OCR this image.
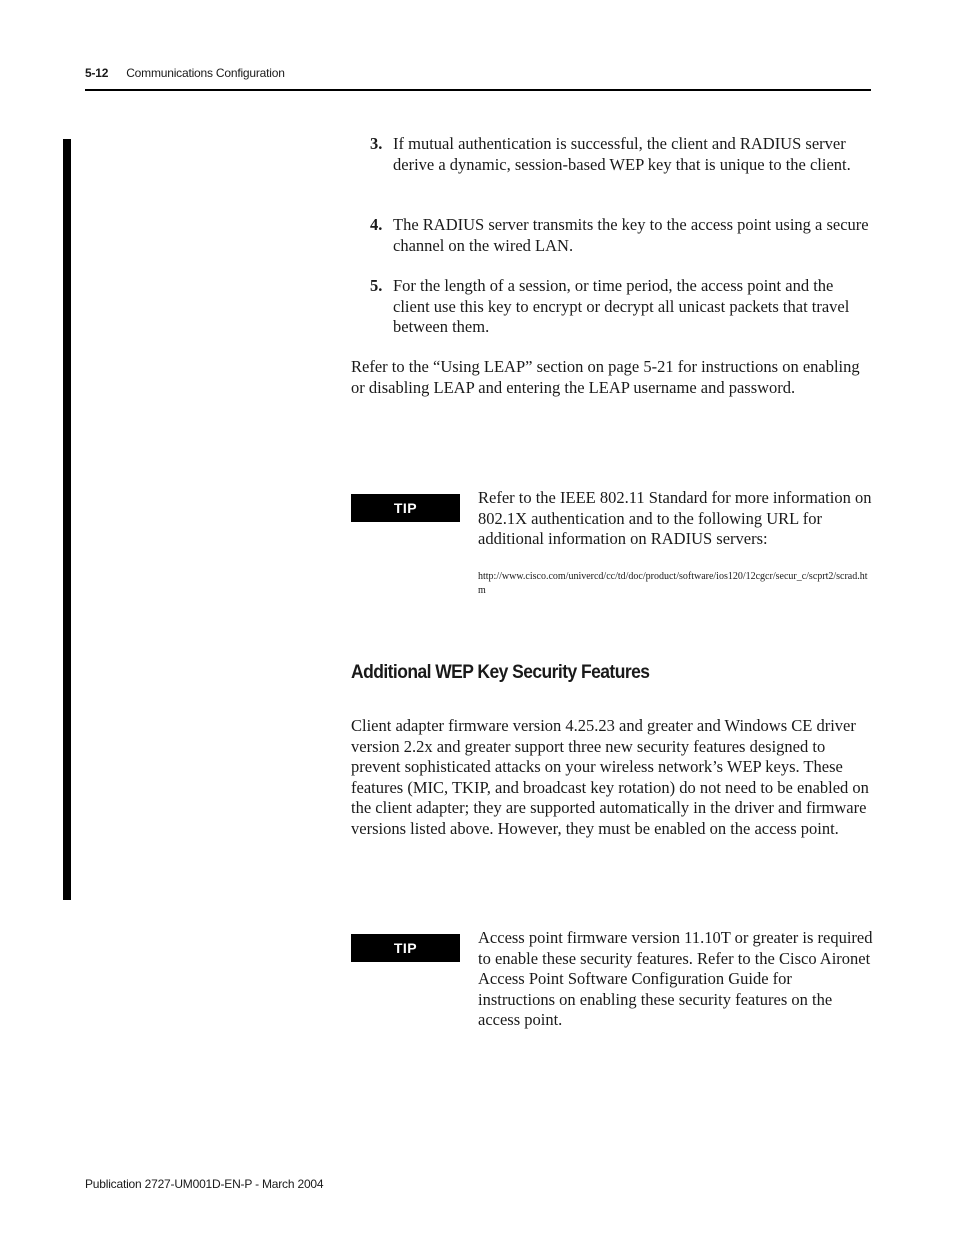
5-12 Communications Configuration
3. If mutual authentication is successful, the client and RADIUS server derive a dynamic, session-based WEP key that is unique to the client.
4. The RADIUS server transmits the key to the access point using a secure channel on the wired LAN.
5. For the length of a session, or time period, the access point and the client use this key to encrypt or decrypt all unicast packets that travel between them.
Refer to the “Using LEAP” section on page 5-21 for instructions on enabling or disabling LEAP and entering the LEAP username and password.
TIP
Refer to the IEEE 802.11 Standard for more information on 802.1X authentication and to the following URL for additional information on RADIUS servers:
http://www.cisco.com/univercd/cc/td/doc/product/software/ios120/12cgcr/secur_c/scprt2/scrad.htm
Additional WEP Key Security Features
Client adapter firmware version 4.25.23 and greater and Windows CE driver version 2.2x and greater support three new security features designed to prevent sophisticated attacks on your wireless network’s WEP keys. These features (MIC, TKIP, and broadcast key rotation) do not need to be enabled on the client adapter; they are supported automatically in the driver and firmware versions listed above. However, they must be enabled on the access point.
TIP
Access point firmware version 11.10T or greater is required to enable these security features. Refer to the Cisco Aironet Access Point Software Configuration Guide for instructions on enabling these security features on the access point.
Publication 2727-UM001D-EN-P - March 2004
